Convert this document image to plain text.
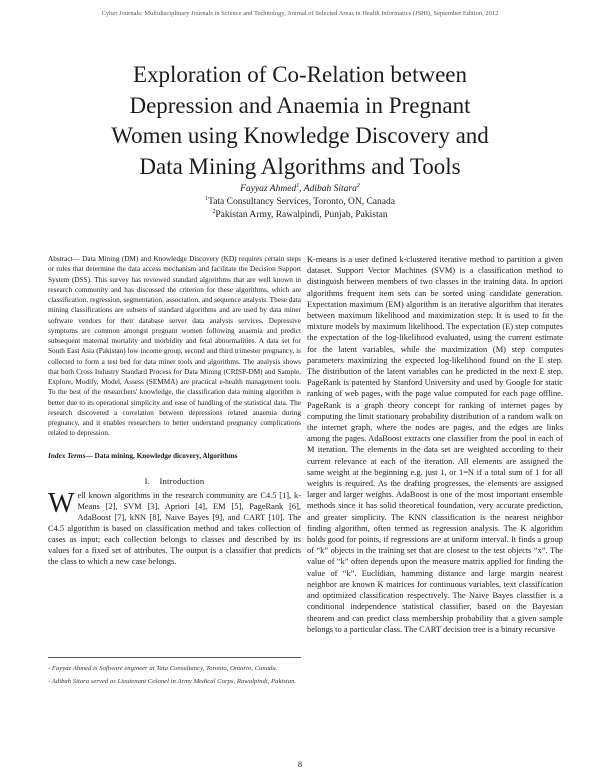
Cyber Journals: Multidisciplinary Journals in Science and Technology, Journal of Selected Areas in Health Informatics (JSHI), September Edition, 2012
Exploration of Co-Relation between
Depression and Anaemia in Pregnant
Women using Knowledge Discovery and
Data Mining Algorithms and Tools
Fayyaz Ahmed$^1$, Adibah Sitara$^2$
$^1$Tata Consultancy Services, Toronto, ON, Canada
$^2$Pakistan Army, Rawalpindi, Punjab, Pakistan

Abstract— Data Mining (DM) and Knowledge Discovery (KD) requires certain steps or rules that determine the data access mechanism and facilitate the Decision Support System (DSS). This survey has reviewed standard algorithms that are well known in research community and has discussed the criterion for these algorithms, which are classification, regression, segmentation, association, and sequence analysis. These data mining classifications are subsets of standard algorithms and are used by data miner software vendors for their database server data analysis services. Depressive symptoms are common amongst pregnant women following anaemia and predict subsequent maternal mortality and morbidity and fetal abnormalities. A data set for South East Asia (Pakistan) low income group, second and third trimester pregnancy, is collected to form a test bed for data miner tools and algorithms. The analysis shows that both Cross Industry Standard Process for Data Mining (CRISP-DM) and Sample, Explore, Modify, Model, Assess (SEMMA) are practical e-health management tools. To the best of the researchers' knowledge, the classification data mining algorithm is better due to its operational simplicity and ease of handling of the statistical data. The research discovered a correlation between depressions related anaemia during pregnancy, and it enables researchers to better understand pregnancy complications related to depression.

Index Terms— Data mining, Knowledge dicovery, Algorithms
I.    Introduction

Well known algorithms in the research community are C4.5 [1], k-Means [2], SVM [3], Apriori [4], EM [5], PageRank [6], AdaBoost [7], kNN [8], Naive Bayes [9], and CART [10]. The C4.5 algorithm is based on classification method and takes collection of cases as input; each collection belongs to classes and described by its values for a fixed set of attributes. The output is a classifier that predicts the class to which a new case belongs.

- Fayyaz Ahmed is Software engineer at Tata Consultancy, Toronto, Ontario, Canada.

- Adibah Sitara served as Lieutenant Colonel in Army Medical Corps, Rawalpindi, Pakistan.

K-means is a user defined k-clustered iterative method to partition a given dataset. Support Vector Machines (SVM) is a classification method to distinguish between members of two classes in the training data. In apriori algorithms frequent item sets can be sorted using candidate generation. Expectation maximum (EM) algorithm is an iterative algorithm that iterates between maximum likelihood and maximization step. It is used to fit the mixture models by maximum likelihood. The expectation (E) step computes the expectation of the log-likelihood evaluated, using the current estimate for the latent variables, while the maximization (M) step computes parameters maximizing the expected log-likelihood found on the E step. The distribution of the latent variables can be predicted in the next E step. PageRank is patented by Stanford University and used by Google for static ranking of web pages, with the page value computed for each page offline. PageRank is a graph theory concept for ranking of internet pages by computing the limit stationary probability distribution of a random walk on the internet graph, where the nodes are pages, and the edges are links among the pages. AdaBoost extracts one classifier from the pool in each of M iteration. The elements in the data set are weighted according to their current relevance at each of the iteration. All elements are assigned the same weight at the beginning e.g. just 1, or 1=N if a total sum of 1 for all weights is required. As the drafting progresses, the elements are assigned larger and larger weights. AdaBoost is one of the most important ensemble methods since it has solid theoretical foundation, very accurate prediction, and greater simplicity. The KNN classification is the nearest neighbor finding algorithm, often termed as regression analysis. The K algorithm holds good for points, if regressions are at uniform interval. It finds a group of “k” objects in the training set that are closest to the test objects “x”. The value of “k” often depends upon the measure matrix applied for finding the value of “k”. Euclidian, hamming distance and large margin nearest neighbor are known K matrices for continuous variables, text classification and optimized classification respectively. The Naive Bayes classifier is a conditional independence statistical classifier, based on the Bayesian theorem and can predict class membership probability that a given sample belongs to a particular class. The CART decision tree is a binary recursive

8
